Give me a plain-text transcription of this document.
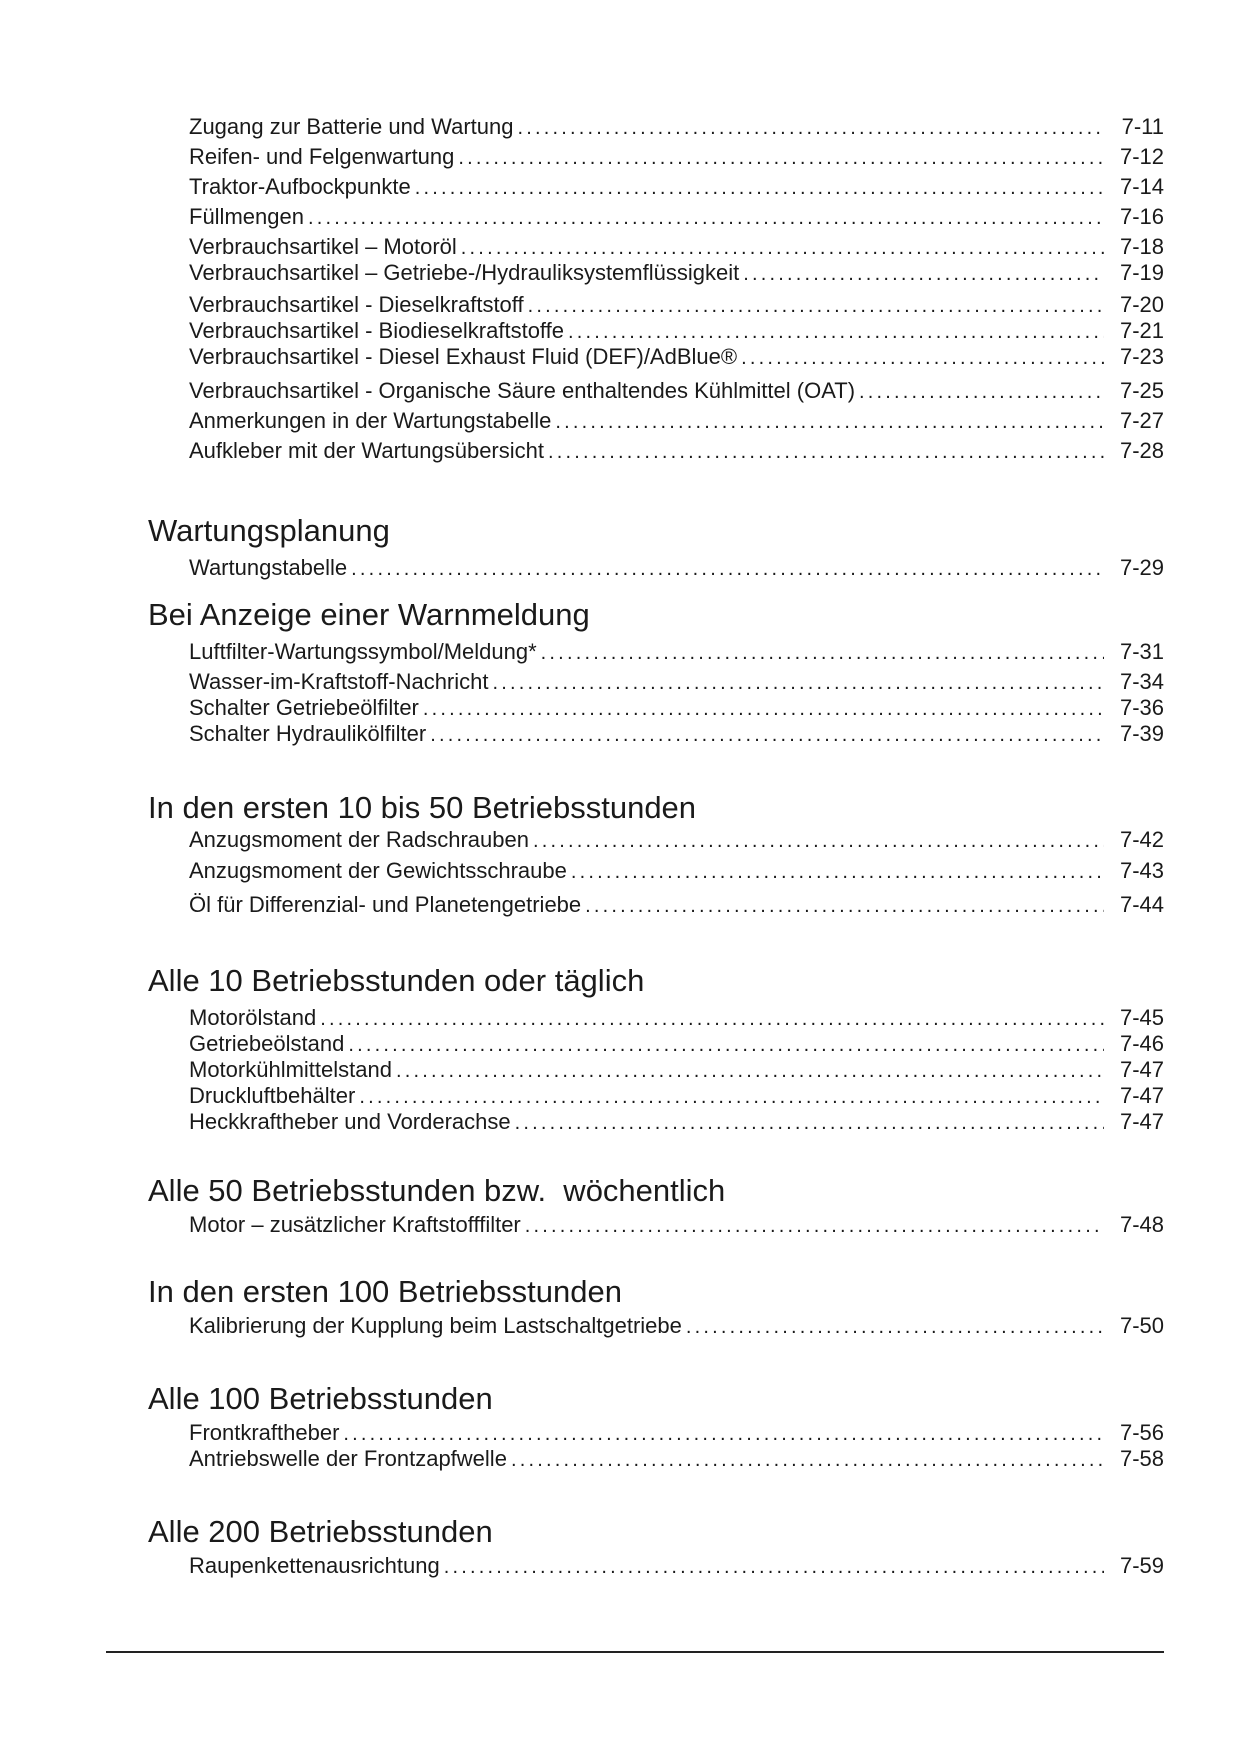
Zugang zur Batterie und Wartung .....	7-11
Reifen- und Felgenwartung .....	7-12
Traktor-Aufbockpunkte .....	7-14
Füllmengen .....	7-16
Verbrauchsartikel – Motoröl .....	7-18
Verbrauchsartikel – Getriebe-/Hydrauliksystemflüssigkeit .....	7-19
Verbrauchsartikel - Dieselkraftstoff .....	7-20
Verbrauchsartikel - Biodieselkraftstoffe .....	7-21
Verbrauchsartikel - Diesel Exhaust Fluid (DEF)/AdBlue® .....	7-23
Verbrauchsartikel - Organische Säure enthaltendes Kühlmittel (OAT) .....	7-25
Anmerkungen in der Wartungstabelle .....	7-27
Aufkleber mit der Wartungsübersicht .....	7-28
Wartungsplanung
Wartungstabelle .....	7-29
Bei Anzeige einer Warnmeldung
Luftfilter-Wartungssymbol/Meldung* .....	7-31
Wasser-im-Kraftstoff-Nachricht .....	7-34
Schalter Getriebeölfilter .....	7-36
Schalter Hydraulikölfilter .....	7-39
In den ersten 10 bis 50 Betriebsstunden
Anzugsmoment der Radschrauben .....	7-42
Anzugsmoment der Gewichtsschraube .....	7-43
Öl für Differenzial- und Planetengetriebe .....	7-44
Alle 10 Betriebsstunden oder täglich
Motorölstand .....	7-45
Getriebeölstand .....	7-46
Motorkühlmittelstand .....	7-47
Druckluftbehälter .....	7-47
Heckkraftheber und Vorderachse .....	7-47
Alle 50 Betriebsstunden bzw.  wöchentlich
Motor – zusätzlicher Kraftstofffilter .....	7-48
In den ersten 100 Betriebsstunden
Kalibrierung der Kupplung beim Lastschaltgetriebe .....	7-50
Alle 100 Betriebsstunden
Frontkraftheber .....	7-56
Antriebswelle der Frontzapfwelle .....	7-58
Alle 200 Betriebsstunden
Raupenkettenausrichtung .....	7-59
